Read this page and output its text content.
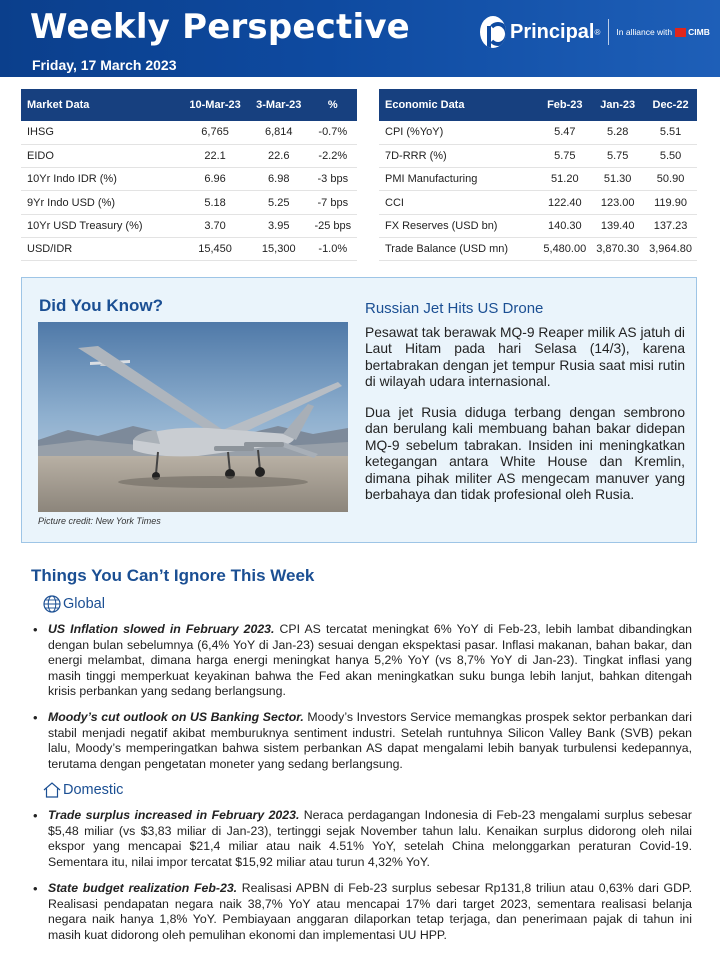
Weekly Perspective
Friday, 17 March 2023
Principal ® In alliance with CIMB
Market Data	10-Mar-23	3-Mar-23	%
IHSG	6,765	6,814	-0.7%
EIDO	22.1	22.6	-2.2%
10Yr Indo IDR (%)	6.96	6.98	-3 bps
9Yr Indo USD (%)	5.18	5.25	-7 bps
10Yr USD Treasury (%)	3.70	3.95	-25 bps
USD/IDR	15,450	15,300	-1.0%
Economic Data	Feb-23	Jan-23	Dec-22
CPI (%YoY)	5.47	5.28	5.51
7D-RRR (%)	5.75	5.75	5.50
PMI Manufacturing	51.20	51.30	50.90
CCI	122.40	123.00	119.90
FX Reserves (USD bn)	140.30	139.40	137.23
Trade Balance (USD mn)	5,480.00	3,870.30	3,964.80
Did You Know?
Picture credit: New York Times
Russian Jet Hits US Drone
Pesawat tak berawak MQ-9 Reaper milik AS jatuh di Laut Hitam pada hari Selasa (14/3), karena bertabrakan dengan jet tempur Rusia saat misi rutin di wilayah udara internasional.
Dua jet Rusia diduga terbang dengan sembrono dan berulang kali membuang bahan bakar didepan MQ-9 sebelum tabrakan. Insiden ini meningkatkan ketegangan antara White House dan Kremlin, dimana pihak militer AS mengecam manuver yang berbahaya dan tidak profesional oleh Rusia.
Things You Can’t Ignore This Week
Global
• US Inflation slowed in February 2023. CPI AS tercatat meningkat 6% YoY di Feb-23, lebih lambat dibandingkan dengan bulan sebelumnya (6,4% YoY di Jan-23) sesuai dengan ekspektasi pasar. Inflasi makanan, bahan bakar, dan energi melambat, dimana harga energi meningkat hanya 5,2% YoY (vs 8,7% YoY di Jan-23). Tingkat inflasi yang masih tinggi memperkuat keyakinan bahwa the Fed akan meningkatkan suku bunga lebih lanjut, bahkan ditengah krisis perbankan yang sedang berlangsung.
• Moody’s cut outlook on US Banking Sector. Moody’s Investors Service memangkas prospek sektor perbankan dari stabil menjadi negatif akibat memburuknya sentiment industri. Setelah runtuhnya Silicon Valley Bank (SVB) pekan lalu, Moody’s memperingatkan bahwa sistem perbankan AS dapat mengalami lebih banyak turbulensi kedepannya, terutama dengan pengetatan moneter yang sedang berlangsung.
Domestic
• Trade surplus increased in February 2023. Neraca perdagangan Indonesia di Feb-23 mengalami surplus sebesar $5,48 miliar (vs $3,83 miliar di Jan-23), tertinggi sejak November tahun lalu. Kenaikan surplus didorong oleh nilai ekspor yang mencapai $21,4 miliar atau naik 4.51% YoY, setelah China melonggarkan peraturan Covid-19. Sementara itu, nilai impor tercatat $15,92 miliar atau turun 4,32% YoY.
• State budget realization Feb-23. Realisasi APBN di Feb-23 surplus sebesar Rp131,8 triliun atau 0,63% dari GDP. Realisasi pendapatan negara naik 38,7% YoY atau mencapai 17% dari target 2023, sementara realisasi belanja negara naik hanya 1,8% YoY. Pembiayaan anggaran dilaporkan tetap terjaga, dan penerimaan pajak di tahun ini masih kuat didorong oleh pemulihan ekonomi dan implementasi UU HPP.
